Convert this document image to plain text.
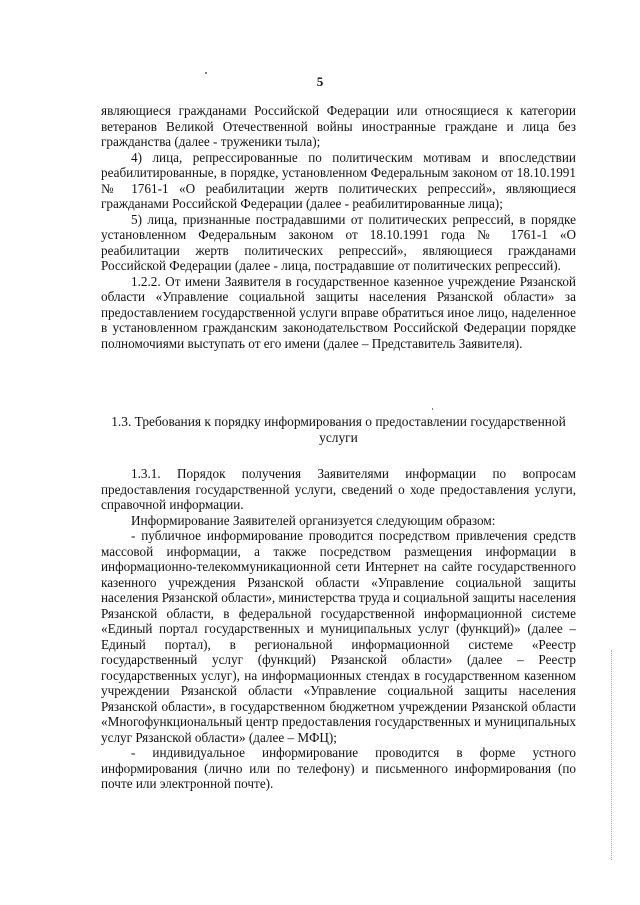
5

являющиеся гражданами Российской Федерации или относящиеся к категории ветеранов Великой Отечественной войны иностранные граждане и лица без гражданства (далее - труженики тыла);

4) лица, репрессированные по политическим мотивам и впоследствии реабилитированные, в порядке, установленном Федеральным законом от 18.10.1991 № 1761-1 «О реабилитации жертв политических репрессий», являющиеся гражданами Российской Федерации (далее - реабилитированные лица);

5) лица, признанные пострадавшими от политических репрессий, в порядке установленном Федеральным законом от 18.10.1991 года № 1761-1 «О реабилитации жертв политических репрессий», являющиеся гражданами Российской Федерации (далее - лица, пострадавшие от политических репрессий).

1.2.2. От имени Заявителя в государственное казенное учреждение Рязанской области «Управление социальной защиты населения Рязанской области» за предоставлением государственной услуги вправе обратиться иное лицо, наделенное в установленном гражданским законодательством Российской Федерации порядке полномочиями выступать от его имени (далее – Представитель Заявителя).

1.3. Требования к порядку информирования о предоставлении государственной услуги

1.3.1. Порядок получения Заявителями информации по вопросам предоставления государственной услуги, сведений о ходе предоставления услуги, справочной информации.

Информирование Заявителей организуется следующим образом:

- публичное информирование проводится посредством привлечения средств массовой информации, а также посредством размещения информации в информационно-телекоммуникационной сети Интернет на сайте государственного казенного учреждения Рязанской области «Управление социальной защиты населения Рязанской области», министерства труда и социальной защиты населения Рязанской области, в федеральной государственной информационной системе «Единый портал государственных и муниципальных услуг (функций)» (далее – Единый портал), в региональной информационной системе «Реестр государственный услуг (функций) Рязанской области» (далее – Реестр государственных услуг), на информационных стендах в государственном казенном учреждении Рязанской области «Управление социальной защиты населения Рязанской области», в государственном бюджетном учреждении Рязанской области «Многофункциональный центр предоставления государственных и муниципальных услуг Рязанской области» (далее – МФЦ);

- индивидуальное информирование проводится в форме устного информирования (лично или по телефону) и письменного информирования (по почте или электронной почте).
